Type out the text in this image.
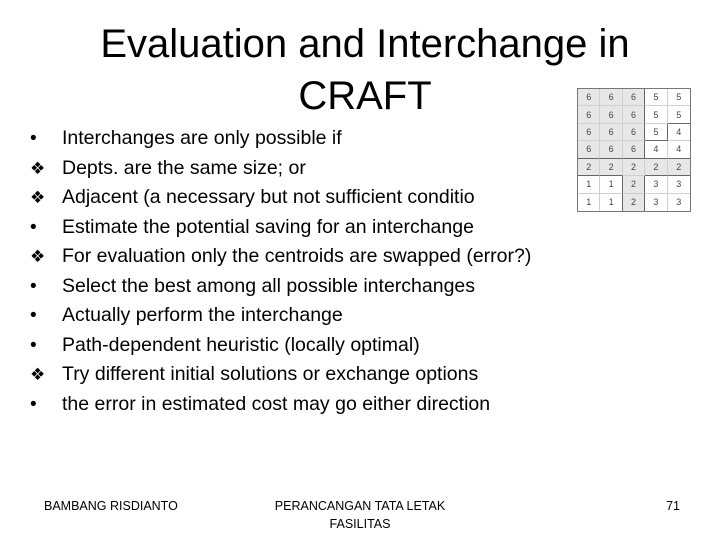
Evaluation and Interchange in
CRAFT	6	6	6	5	5
6	6	6	5	5
6	6	6	5	4
6	6	6	4	4
2	2	2	2	2
1	1	2	3	3
1	1	2	3	3
•	Interchanges are only possible if
❖ Depts. are the same size; or
❖ Adjacent (a necessary but not sufficient conditio
•	Estimate the potential saving for an interchange
❖ For evaluation only the centroids are swapped (error?)
•	Select the best among all possible interchanges
•	Actually perform the interchange
•	Path-dependent heuristic (locally optimal)
❖ Try different initial solutions or exchange options
•	the error in estimated cost may go either direction
BAMBANG RISDIANTO	PERANCANGAN TATA LETAK
FASILITAS
71
